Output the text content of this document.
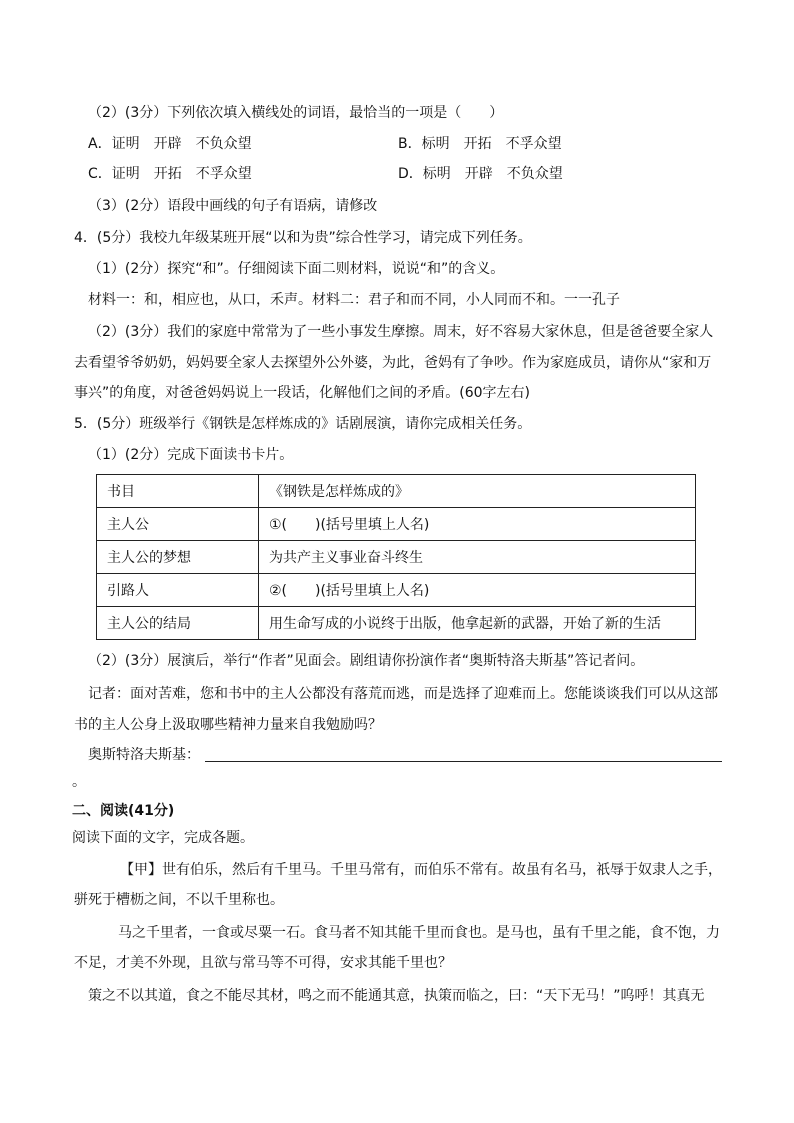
（2）(3分）下列依次填入横线处的词语，最恰当的一项是（　　）
A．证明　开辟　不负众望	B．标明　开拓　不孚众望
C．证明　开拓　不孚众望	D．标明　开辟　不负众望
（3）(2分）语段中画线的句子有语病，请修改
4．(5分）我校九年级某班开展“以和为贵”综合性学习，请完成下列任务。
（1）(2分）探究“和”。仔细阅读下面二则材料，说说“和”的含义。
材料一：和，相应也，从口，禾声。材料二：君子和而不同，小人同而不和。一一孔子
（2）(3分）我们的家庭中常常为了一些小事发生摩擦。周末，好不容易大家休息，但是爸爸要全家人
去看望爷爷奶奶，妈妈要全家人去探望外公外婆，为此，爸妈有了争吵。作为家庭成员，请你从“家和万
事兴”的角度，对爸爸妈妈说上一段话，化解他们之间的矛盾。(60字左右)
5．(5分）班级举行《钢铁是怎样炼成的》话剧展演，请你完成相关任务。
（1）(2分）完成下面读书卡片。
书目	《钢铁是怎样炼成的》
主人公	①(　　)(括号里填上人名)
主人公的梦想	为共产主义事业奋斗终生
引路人	②(　　)(括号里填上人名)
主人公的结局	用生命写成的小说终于出版，他拿起新的武器，开始了新的生活
（2）(3分）展演后，举行“作者”见面会。剧组请你扮演作者“奥斯特洛夫斯基”答记者问。
记者：面对苦难，您和书中的主人公都没有落荒而逃，而是选择了迎难而上。您能谈谈我们可以从这部
书的主人公身上汲取哪些精神力量来自我勉励吗？
奥斯特洛夫斯基：
。
二、阅读(41分)
阅读下面的文字，完成各题。
【甲】世有伯乐，然后有千里马。千里马常有，而伯乐不常有。故虽有名马，祇辱于奴隶人之手，
骈死于槽枥之间，不以千里称也。
马之千里者，一食或尽粟一石。食马者不知其能千里而食也。是马也，虽有千里之能，食不饱，力
不足，才美不外现，且欲与常马等不可得，安求其能千里也？
策之不以其道，食之不能尽其材，鸣之而不能通其意，执策而临之，曰：“天下无马！”呜呼！其真无
